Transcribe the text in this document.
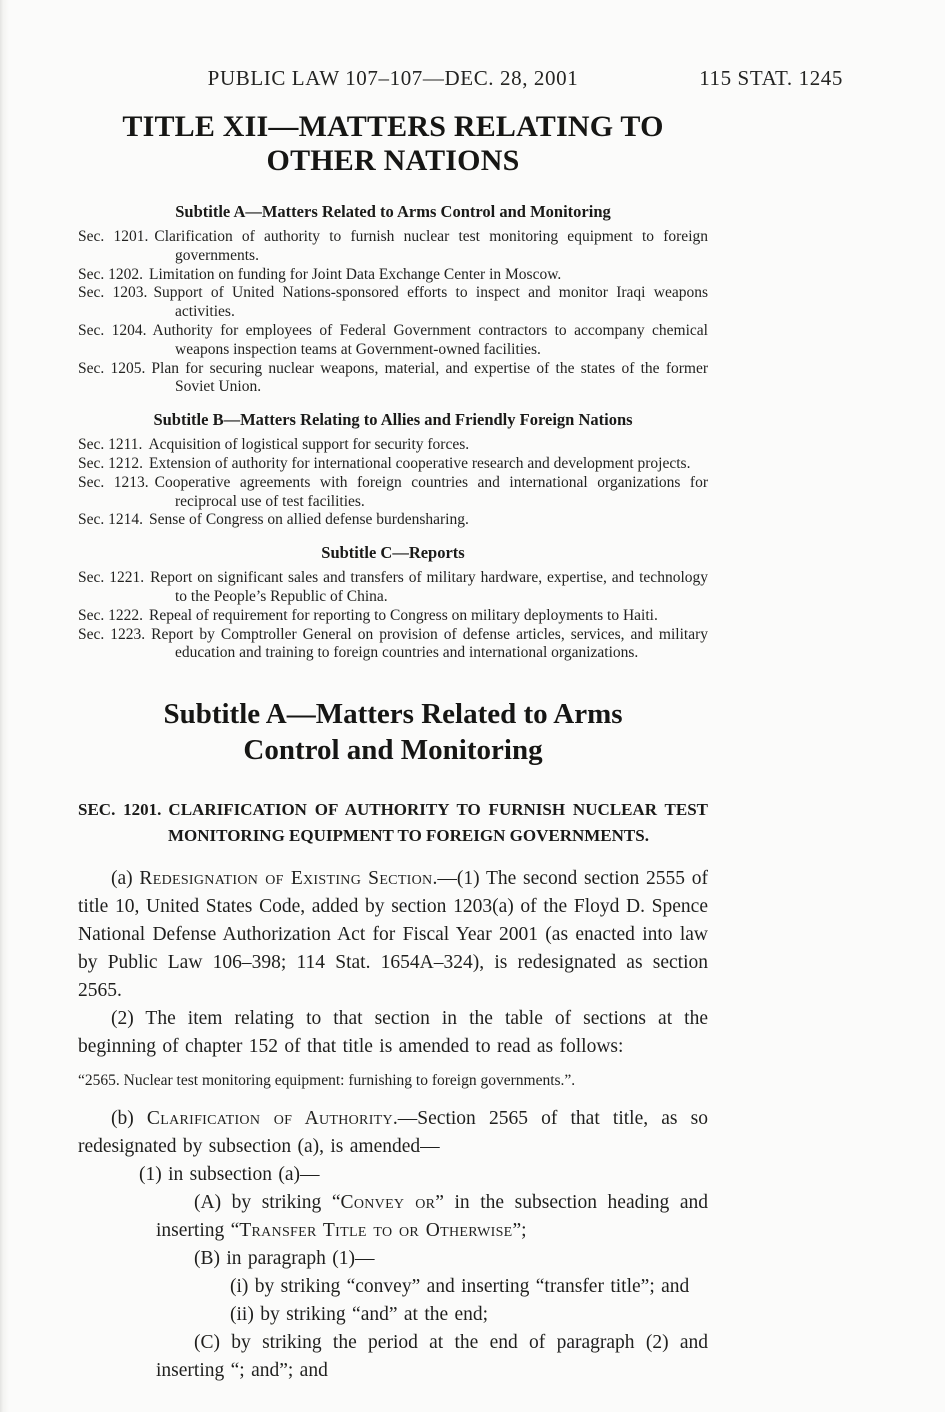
PUBLIC LAW 107–107—DEC. 28, 2001	115 STAT. 1245
TITLE XII—MATTERS RELATING TO
OTHER NATIONS

Subtitle A—Matters Related to Arms Control and Monitoring

Sec. 1201. Clarification of authority to furnish nuclear test monitoring equipment to foreign governments.

Sec. 1202. Limitation on funding for Joint Data Exchange Center in Moscow.

Sec. 1203. Support of United Nations-sponsored efforts to inspect and monitor Iraqi weapons activities.

Sec. 1204. Authority for employees of Federal Government contractors to accompany chemical weapons inspection teams at Government-owned facilities.

Sec. 1205. Plan for securing nuclear weapons, material, and expertise of the states of the former Soviet Union.

Subtitle B—Matters Relating to Allies and Friendly Foreign Nations

Sec. 1211. Acquisition of logistical support for security forces.

Sec. 1212. Extension of authority for international cooperative research and development projects.

Sec. 1213. Cooperative agreements with foreign countries and international organizations for reciprocal use of test facilities.

Sec. 1214. Sense of Congress on allied defense burdensharing.

Subtitle C—Reports

Sec. 1221. Report on significant sales and transfers of military hardware, expertise, and technology to the People’s Republic of China.

Sec. 1222. Repeal of requirement for reporting to Congress on military deployments to Haiti.

Sec. 1223. Report by Comptroller General on provision of defense articles, services, and military education and training to foreign countries and international organizations.

Subtitle A—Matters Related to Arms
Control and Monitoring

SEC. 1201. CLARIFICATION OF AUTHORITY TO FURNISH NUCLEAR TEST MONITORING EQUIPMENT TO FOREIGN GOVERNMENTS.

(a) Redesignation of Existing Section.—(1) The second section 2555 of title 10, United States Code, added by section 1203(a) of the Floyd D. Spence National Defense Authorization Act for Fiscal Year 2001 (as enacted into law by Public Law 106–398; 114 Stat. 1654A–324), is redesignated as section 2565.

(2) The item relating to that section in the table of sections at the beginning of chapter 152 of that title is amended to read as follows:

“2565. Nuclear test monitoring equipment: furnishing to foreign governments.”.

(b) Clarification of Authority.—Section 2565 of that title, as so redesignated by subsection (a), is amended—

(1) in subsection (a)—

(A) by striking “Convey or” in the subsection heading and inserting “Transfer Title to or Otherwise”;

(B) in paragraph (1)—

(i) by striking “convey” and inserting “transfer title”; and

(ii) by striking “and” at the end;

(C) by striking the period at the end of paragraph (2) and inserting “; and”; and
